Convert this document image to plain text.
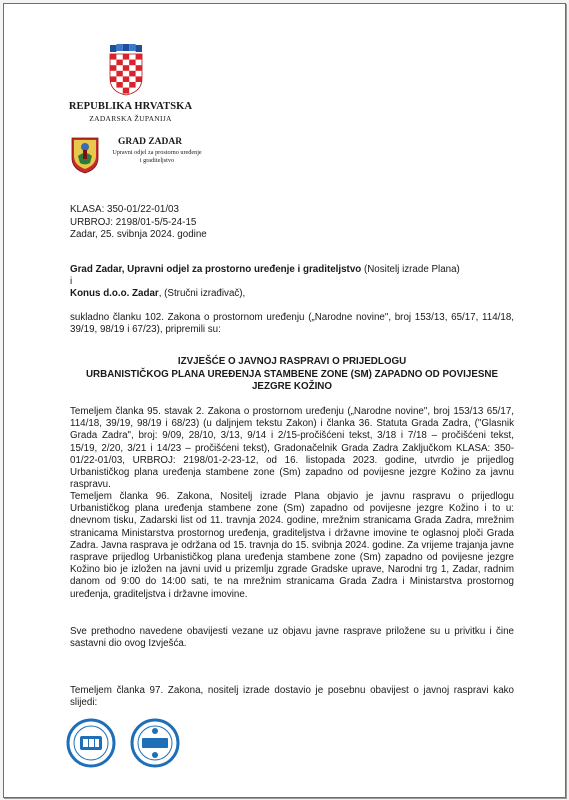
REPUBLIKA HRVATSKA
ZADARSKA ŽUPANIJA
GRAD ZADAR
Upravni odjel za prostorno uređenje
i graditeljstvo
KLASA: 350-01/22-01/03
URBROJ: 2198/01-5/5-24-15
Zadar, 25. svibnja 2024. godine
Grad Zadar, Upravni odjel za prostorno uređenje i graditeljstvo (Nositelj izrade Plana)
i
Konus d.o.o. Zadar, (Stručni izrađivač),

sukladno članku 102. Zakona o prostornom uređenju („Narodne novine", broj 153/13, 65/17, 114/18, 39/19, 98/19 i 67/23), pripremili su:

IZVJEŠĆE O JAVNOJ RASPRAVI O PRIJEDLOGU
URBANISTIČKOG PLANA UREĐENJA STAMBENE ZONE (SM) ZAPADNO OD POVIJESNE
JEZGRE KOŽINO

Temeljem članka 95. stavak 2. Zakona o prostornom uređenju („Narodne novine", broj 153/13 65/17, 114/18, 39/19, 98/19 i 68/23) (u daljnjem tekstu Zakon) i članka 36. Statuta Grada Zadra, ("Glasnik Grada Zadra", broj: 9/09, 28/10, 3/13, 9/14 i 2/15-pročišćeni tekst, 3/18 i 7/18 – pročišćeni tekst, 15/19, 2/20, 3/21 i 14/23 – pročišćeni tekst), Gradonačelnik Grada Zadra Zaključkom KLASA: 350-01/22-01/03, URBROJ: 2198/01-2-23-12, od 16. listopada 2023. godine, utvrdio je prijedlog Urbanističkog plana uređenja stambene zone (Sm) zapadno od povijesne jezgre Kožino za javnu raspravu.

Temeljem članka 96. Zakona, Nositelj izrade Plana objavio je javnu raspravu o prijedlogu Urbanističkog plana uređenja stambene zone (Sm) zapadno od povijesne jezgre Kožino i to u: dnevnom tisku, Zadarski list od 11. travnja 2024. godine, mrežnim stranicama Grada Zadra, mrežnim stranicama Ministarstva prostornog uređenja, graditeljstva i državne imovine te oglasnoj ploči Grada Zadra. Javna rasprava je održana od 15. travnja do 15. svibnja 2024. godine. Za vrijeme trajanja javne rasprave prijedlog Urbanističkog plana uređenja stambene zone (Sm) zapadno od povijesne jezgre Kožino bio je izložen na javni uvid u prizemlju zgrade Gradske uprave, Narodni trg 1, Zadar, radnim danom od 9:00 do 14:00 sati, te na mrežnim stranicama Grada Zadra i Ministarstva prostornog uređenja, graditeljstva i državne imovine.

Sve prethodno navedene obavijesti vezane uz objavu javne rasprave priložene su u privitku i čine sastavni dio ovog Izvješća.

Temeljem članka 97. Zakona, nositelj izrade dostavio je posebnu obavijest o javnoj raspravi kako slijedi:
